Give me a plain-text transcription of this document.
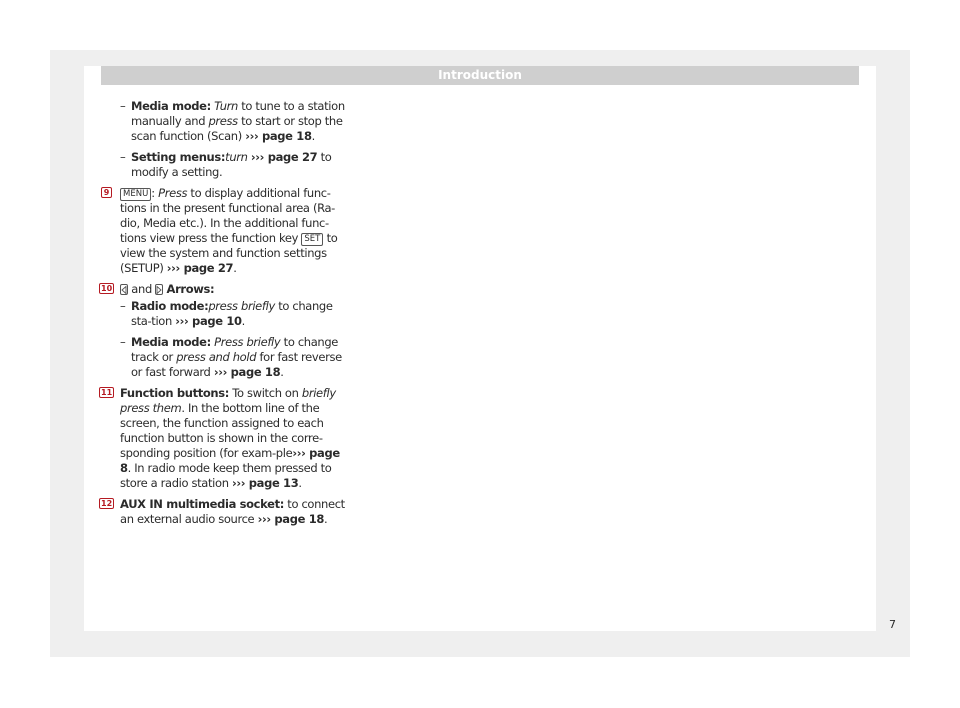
Introduction
– Media mode: Turn to tune to a station manually and press to start or stop the scan function (Scan) ››› page 18.
– Setting menus:turn ››› page 27 to modify a setting.
9	MENU : Press to display additional func-tions in the present functional area (Ra-dio, Media etc.). In the additional func-tions view press the function key SET to view the system and function settings (SETUP) ››› page 27.
10 and
Arrows:
– Radio mode:press briefly to change sta-tion ››› page 10.
– Media mode: Press briefly to change track or press and hold for fast reverse or fast forward ››› page 18.
11 Function buttons: To switch on briefly press them. In the bottom line of the screen, the function assigned to each function button is shown in the corre-sponding position (for exam-ple››› page 8. In radio mode keep them pressed to store a radio station ››› page 13.
12 AUX IN multimedia socket: to connect an external audio source ››› page 18.
7
